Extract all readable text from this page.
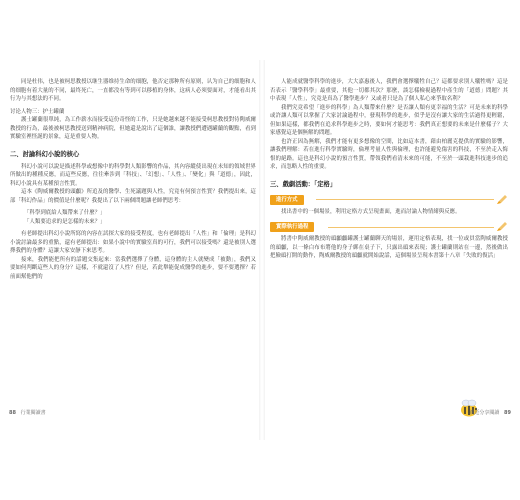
同是杜伟，也是被柯思教授以继生器维持生命的细胞，他否定那种所有原则，认为自己的细胞和人的细胞有着大量的不同，最终死亡，一直都没有等到可以移植的身体，这病人必须要面对，才能看出其行为与其想法的不同。

讨论人物三：护士罐蘭

護士罐蘭很單純，為工作薪水而接受這份奇怪的工作，只是她越來越不能接受柯思教授對待陶威爾教授的行為，最後被柯思教授送到精神病院，但她還是說出了這個誰，讓教授們遭遇罐蘭的觀點，看到實驗室裡怪誕的景象，這是重要人物。

二、討論科幻小說的核心

科幻小說可以說是描述科學或想像中的科學對人類影響的作品，其內容縱使出現在未知的領域世界所做出的種種反應，而這些反應，往往牽涉到「科技」、「幻想」、「人性」、「變化」與「道德」，因此，科幻小說具有某種預言性質。

這本《陶威爾教授的頭顱》所追及的醫學、生死議題與人性，究竟有何預言性質？我們提出來，這部「科幻作品」的價值是什麼呢？我提出了以下兩個問題讓老師們思考：

「科學到底給人類帶來了什麼？」

「人類要追求的是怎樣的未來？」

有老師提出科幻小說所寫的內容在試探大家的接受程度，也有老師提出「人性」和「倫理」是科幻小說討論最多的重點，還有老師提出：如果小說中的實驗室真的可行，我們可以接受嗎？還是被別人選擇我們的身體？這讓大家安靜下來思考。

接來，我們能把所有的話題交集起來：當我們選擇了身體，這身體的主人就變成「被動」，我們又要如何判斷這些人的身分？這樣，不就還沒了人性？但是，若此舉能促成醫學的進步，要不要選擇？若前面幫他們的

人能成就醫學科學的進步，大大嘉惠後人，我們會選擇犧牲自己？這都要求別人犧牲嗎？這是否表示「醫學科學」最重要，其他一切都其次？那麼，談怎樣檢視過程中產生的「道德」問題？其中表現「人性」，究竟是真為了醫學進步？又或者只是為了個人私心來爭取名利？

我們究竟希望「進步的科學」為人類帶來什麼？是否讓人類有更幸福的生活？可是未來的科學或許讓人類可以掌握了大家討論過程中，發現科學的進步，似乎是沒有讓大家的生活過得更輕鬆，但如果這樣，都我們在追求科學進步之時，要如何才能思考：我們真正想要的未來是什麼樣子？大家感覺這是個無解的問題。

也許正因為無解，我們才能有更多想像的空間，比如這本書，藉由柏麗克提供的實驗的影響，讓我們理解：若在進行科學實驗時，倫理考量人性與倫理，也許能避免傷害的科技，不至於走入悔恨的絕路。這也是科幻小說的預言性質，帶領我們看清未來的可能，不至於一頭栽進科技進步的追求，而忽略人性的重要。

三、戲劇活動：「定格」

進行方式

找出書中的一個場景，利用定格方式呈現畫面，進而討論人物情緒與反應。

實際執行過程

將書中陶威爾教授的頭顱顱罐護士罐蘭聊天的場景，運用定格表現，找一位或員當陶威爾教授的頭顱，以一條白布布將他的身子綁在桌子下，只露出頭來表現；護士罐蘭則站在一邊，然後做出把臉頭打開的動作，陶威爾教授的頭顱就開始說話，這個場景呈現本書第十八章「失敗的復活」

88 行業閱讀書	親近分享閱讀 89
